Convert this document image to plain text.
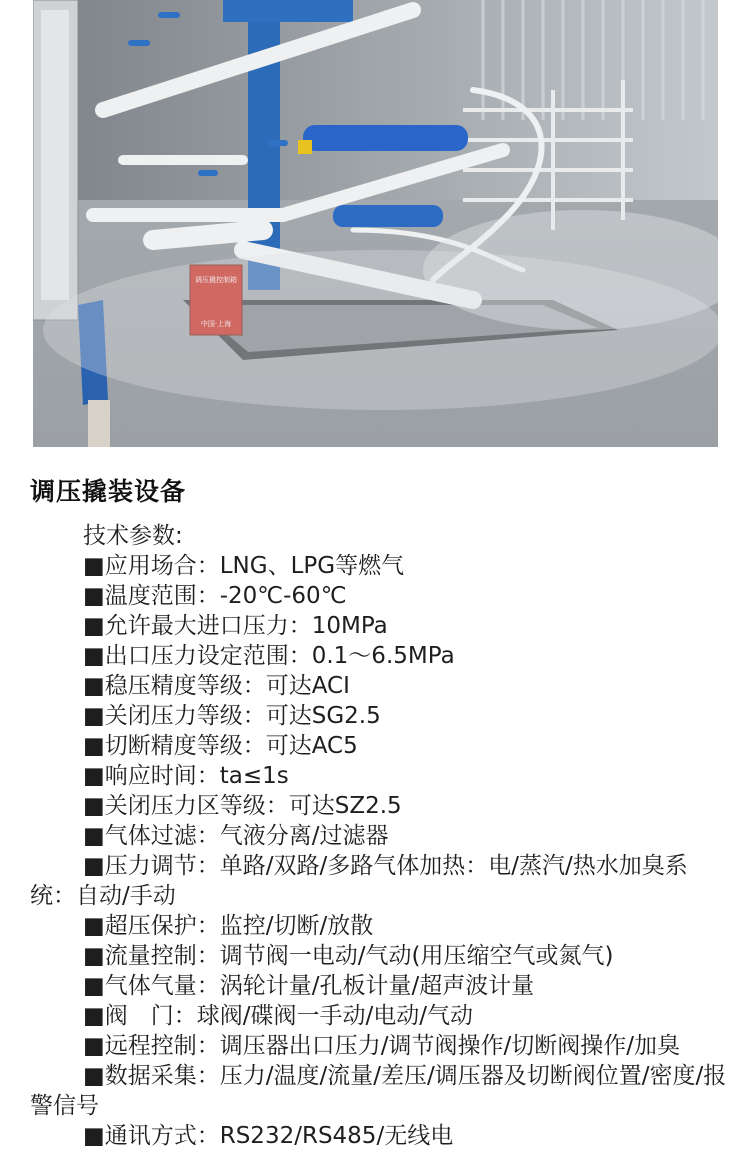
调压撬控制箱
中国·上海
调压撬装设备

技术参数:

■应用场合：LNG、LPG等燃气

■温度范围：-20℃-60℃

■允许最大进口压力：10MPa

■出口压力设定范围：0.1～6.5MPa

■稳压精度等级：可达ACI

■关闭压力等级：可达SG2.5

■切断精度等级：可达AC5

■响应时间：ta≤1s

■关闭压力区等级：可达SZ2.5

■气体过滤：气液分离/过滤器

■压力调节：单路/双路/多路气体加热：电/蒸汽/热水加臭系统：自动/手动

■超压保护：监控/切断/放散

■流量控制：调节阀一电动/气动(用压缩空气或氮气)

■气体气量：涡轮计量/孔板计量/超声波计量

■阀　门：球阀/碟阀一手动/电动/气动

■远程控制：调压器出口压力/调节阀操作/切断阀操作/加臭

■数据采集：压力/温度/流量/差压/调压器及切断阀位置/密度/报警信号

■通讯方式：RS232/RS485/无线电
